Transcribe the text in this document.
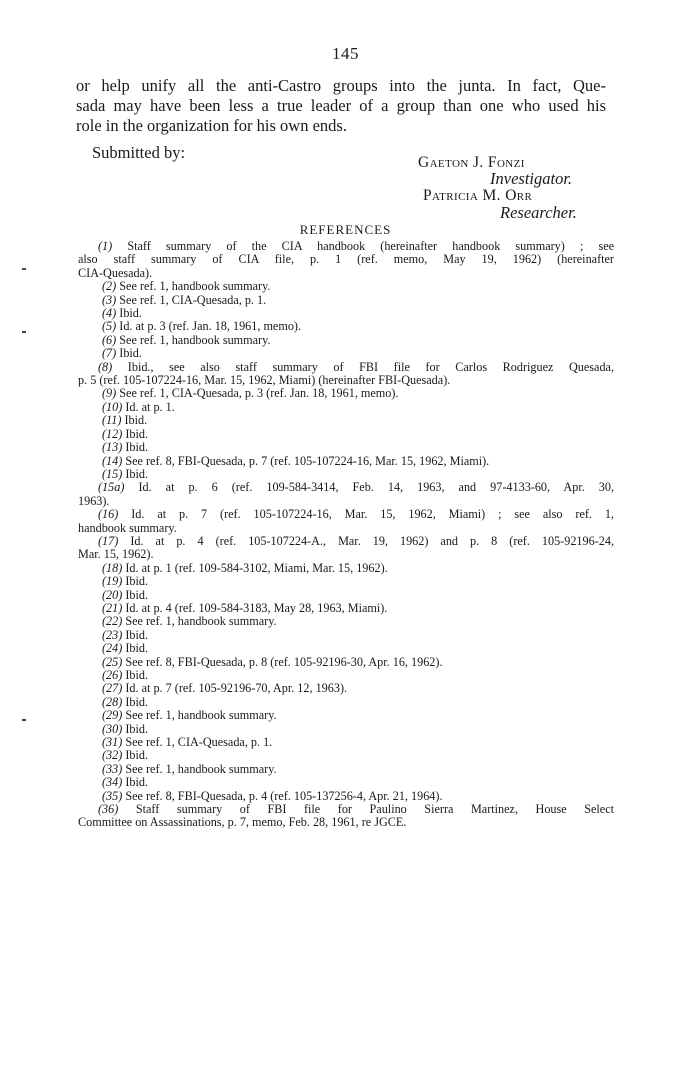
145
or help unify all the anti-Castro groups into the junta. In fact, Que-
sada may have been less a true leader of a group than one who used his
role in the organization for his own ends.
Submitted by:
Gaeton J. Fonzi
Investigator.
Patricia M. Orr
Researcher.
REFERENCES
(1) Staff summary of the CIA handbook (hereinafter handbook summary) ; see
also staff summary of CIA file, p. 1 (ref. memo, May 19, 1962) (hereinafter
CIA-Quesada).
(2) See ref. 1, handbook summary.
(3) See ref. 1, CIA-Quesada, p. 1.
(4) Ibid.
(5) Id. at p. 3 (ref. Jan. 18, 1961, memo).
(6) See ref. 1, handbook summary.
(7) Ibid.
(8) Ibid., see also staff summary of FBI file for Carlos Rodriguez Quesada,
p. 5 (ref. 105-107224-16, Mar. 15, 1962, Miami) (hereinafter FBI-Quesada).
(9) See ref. 1, CIA-Quesada, p. 3 (ref. Jan. 18, 1961, memo).
(10) Id. at p. 1.
(11) Ibid.
(12) Ibid.
(13) Ibid.
(14) See ref. 8, FBI-Quesada, p. 7 (ref. 105-107224-16, Mar. 15, 1962, Miami).
(15) Ibid.
(15a) Id. at p. 6 (ref. 109-584-3414, Feb. 14, 1963, and 97-4133-60, Apr. 30,
1963).
(16) Id. at p. 7 (ref. 105-107224-16, Mar. 15, 1962, Miami) ; see also ref. 1,
handbook summary.
(17) Id. at p. 4 (ref. 105-107224-A., Mar. 19, 1962) and p. 8 (ref. 105-92196-24,
Mar. 15, 1962).
(18) Id. at p. 1 (ref. 109-584-3102, Miami, Mar. 15, 1962).
(19) Ibid.
(20) Ibid.
(21) Id. at p. 4 (ref. 109-584-3183, May 28, 1963, Miami).
(22) See ref. 1, handbook summary.
(23) Ibid.
(24) Ibid.
(25) See ref. 8, FBI-Quesada, p. 8 (ref. 105-92196-30, Apr. 16, 1962).
(26) Ibid.
(27) Id. at p. 7 (ref. 105-92196-70, Apr. 12, 1963).
(28) Ibid.
(29) See ref. 1, handbook summary.
(30) Ibid.
(31) See ref. 1, CIA-Quesada, p. 1.
(32) Ibid.
(33) See ref. 1, handbook summary.
(34) Ibid.
(35) See ref. 8, FBI-Quesada, p. 4 (ref. 105-137256-4, Apr. 21, 1964).
(36) Staff summary of FBI file for Paulino Sierra Martinez, House Select
Committee on Assassinations, p. 7, memo, Feb. 28, 1961, re JGCE.
